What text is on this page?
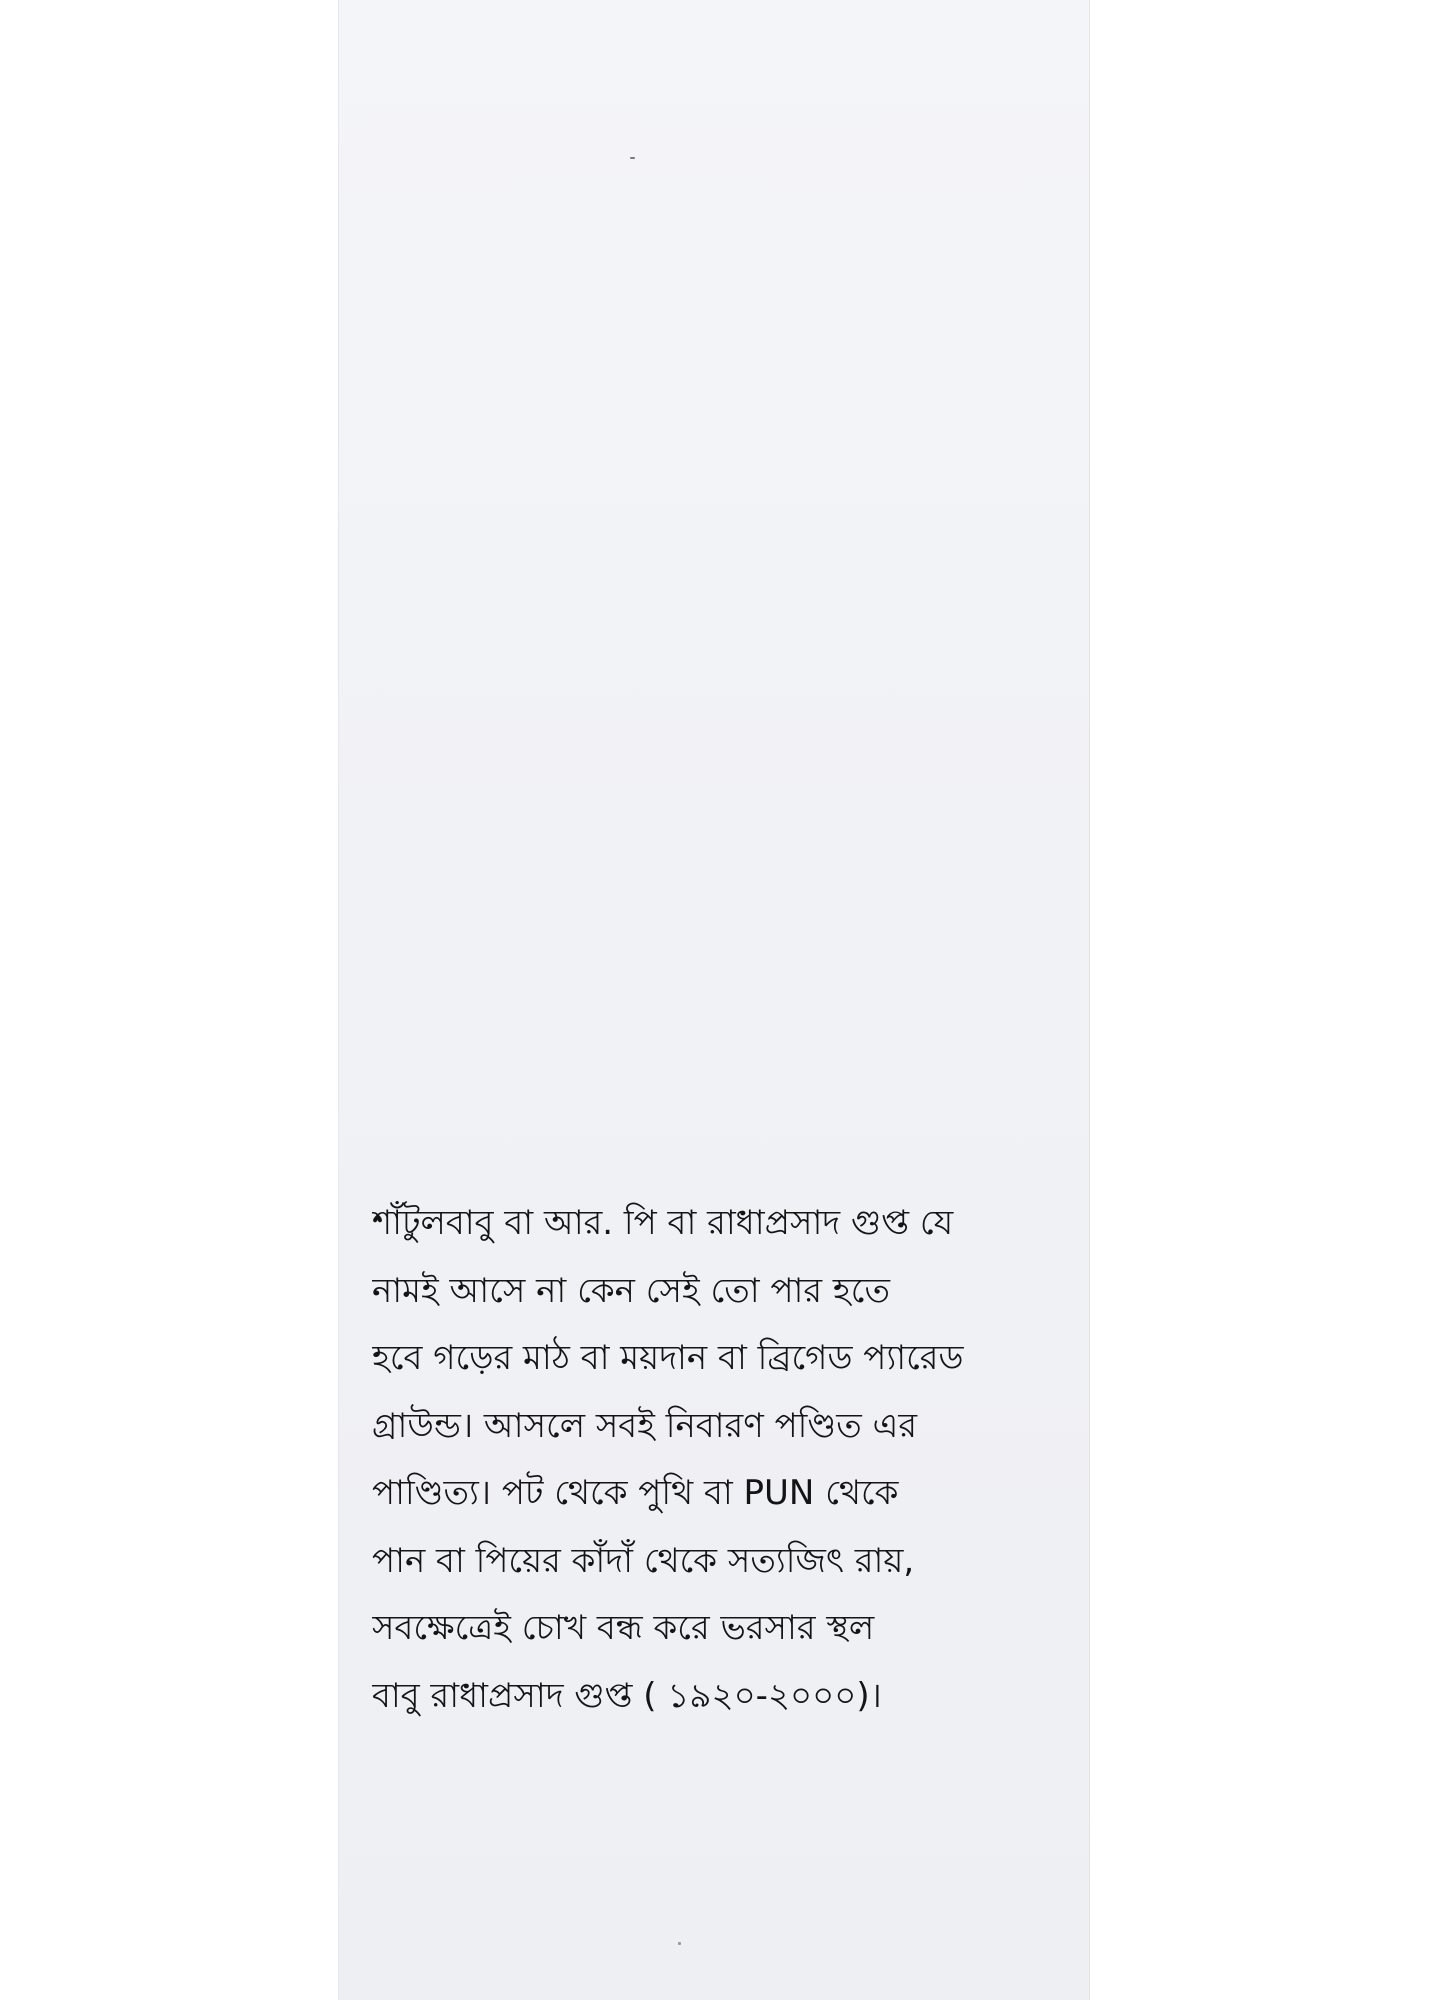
শাঁটুলবাবু বা আর. পি বা রাধাপ্রসাদ গুপ্ত যে
নামই আসে না কেন সেই তো পার হতে
হবে গড়ের মাঠ বা ময়দান বা ব্রিগেড প্যারেড
গ্রাউন্ড। আসলে সবই নিবারণ পণ্ডিত এর
পাণ্ডিত্য। পট থেকে পুথি বা PUN থেকে
পান বা পিয়ের কাঁদাঁ থেকে সত্যজিৎ রায়,
সবক্ষেত্রেই চোখ বন্ধ করে ভরসার স্থল
বাবু রাধাপ্রসাদ গুপ্ত ( ১৯২০-২০০০)।
